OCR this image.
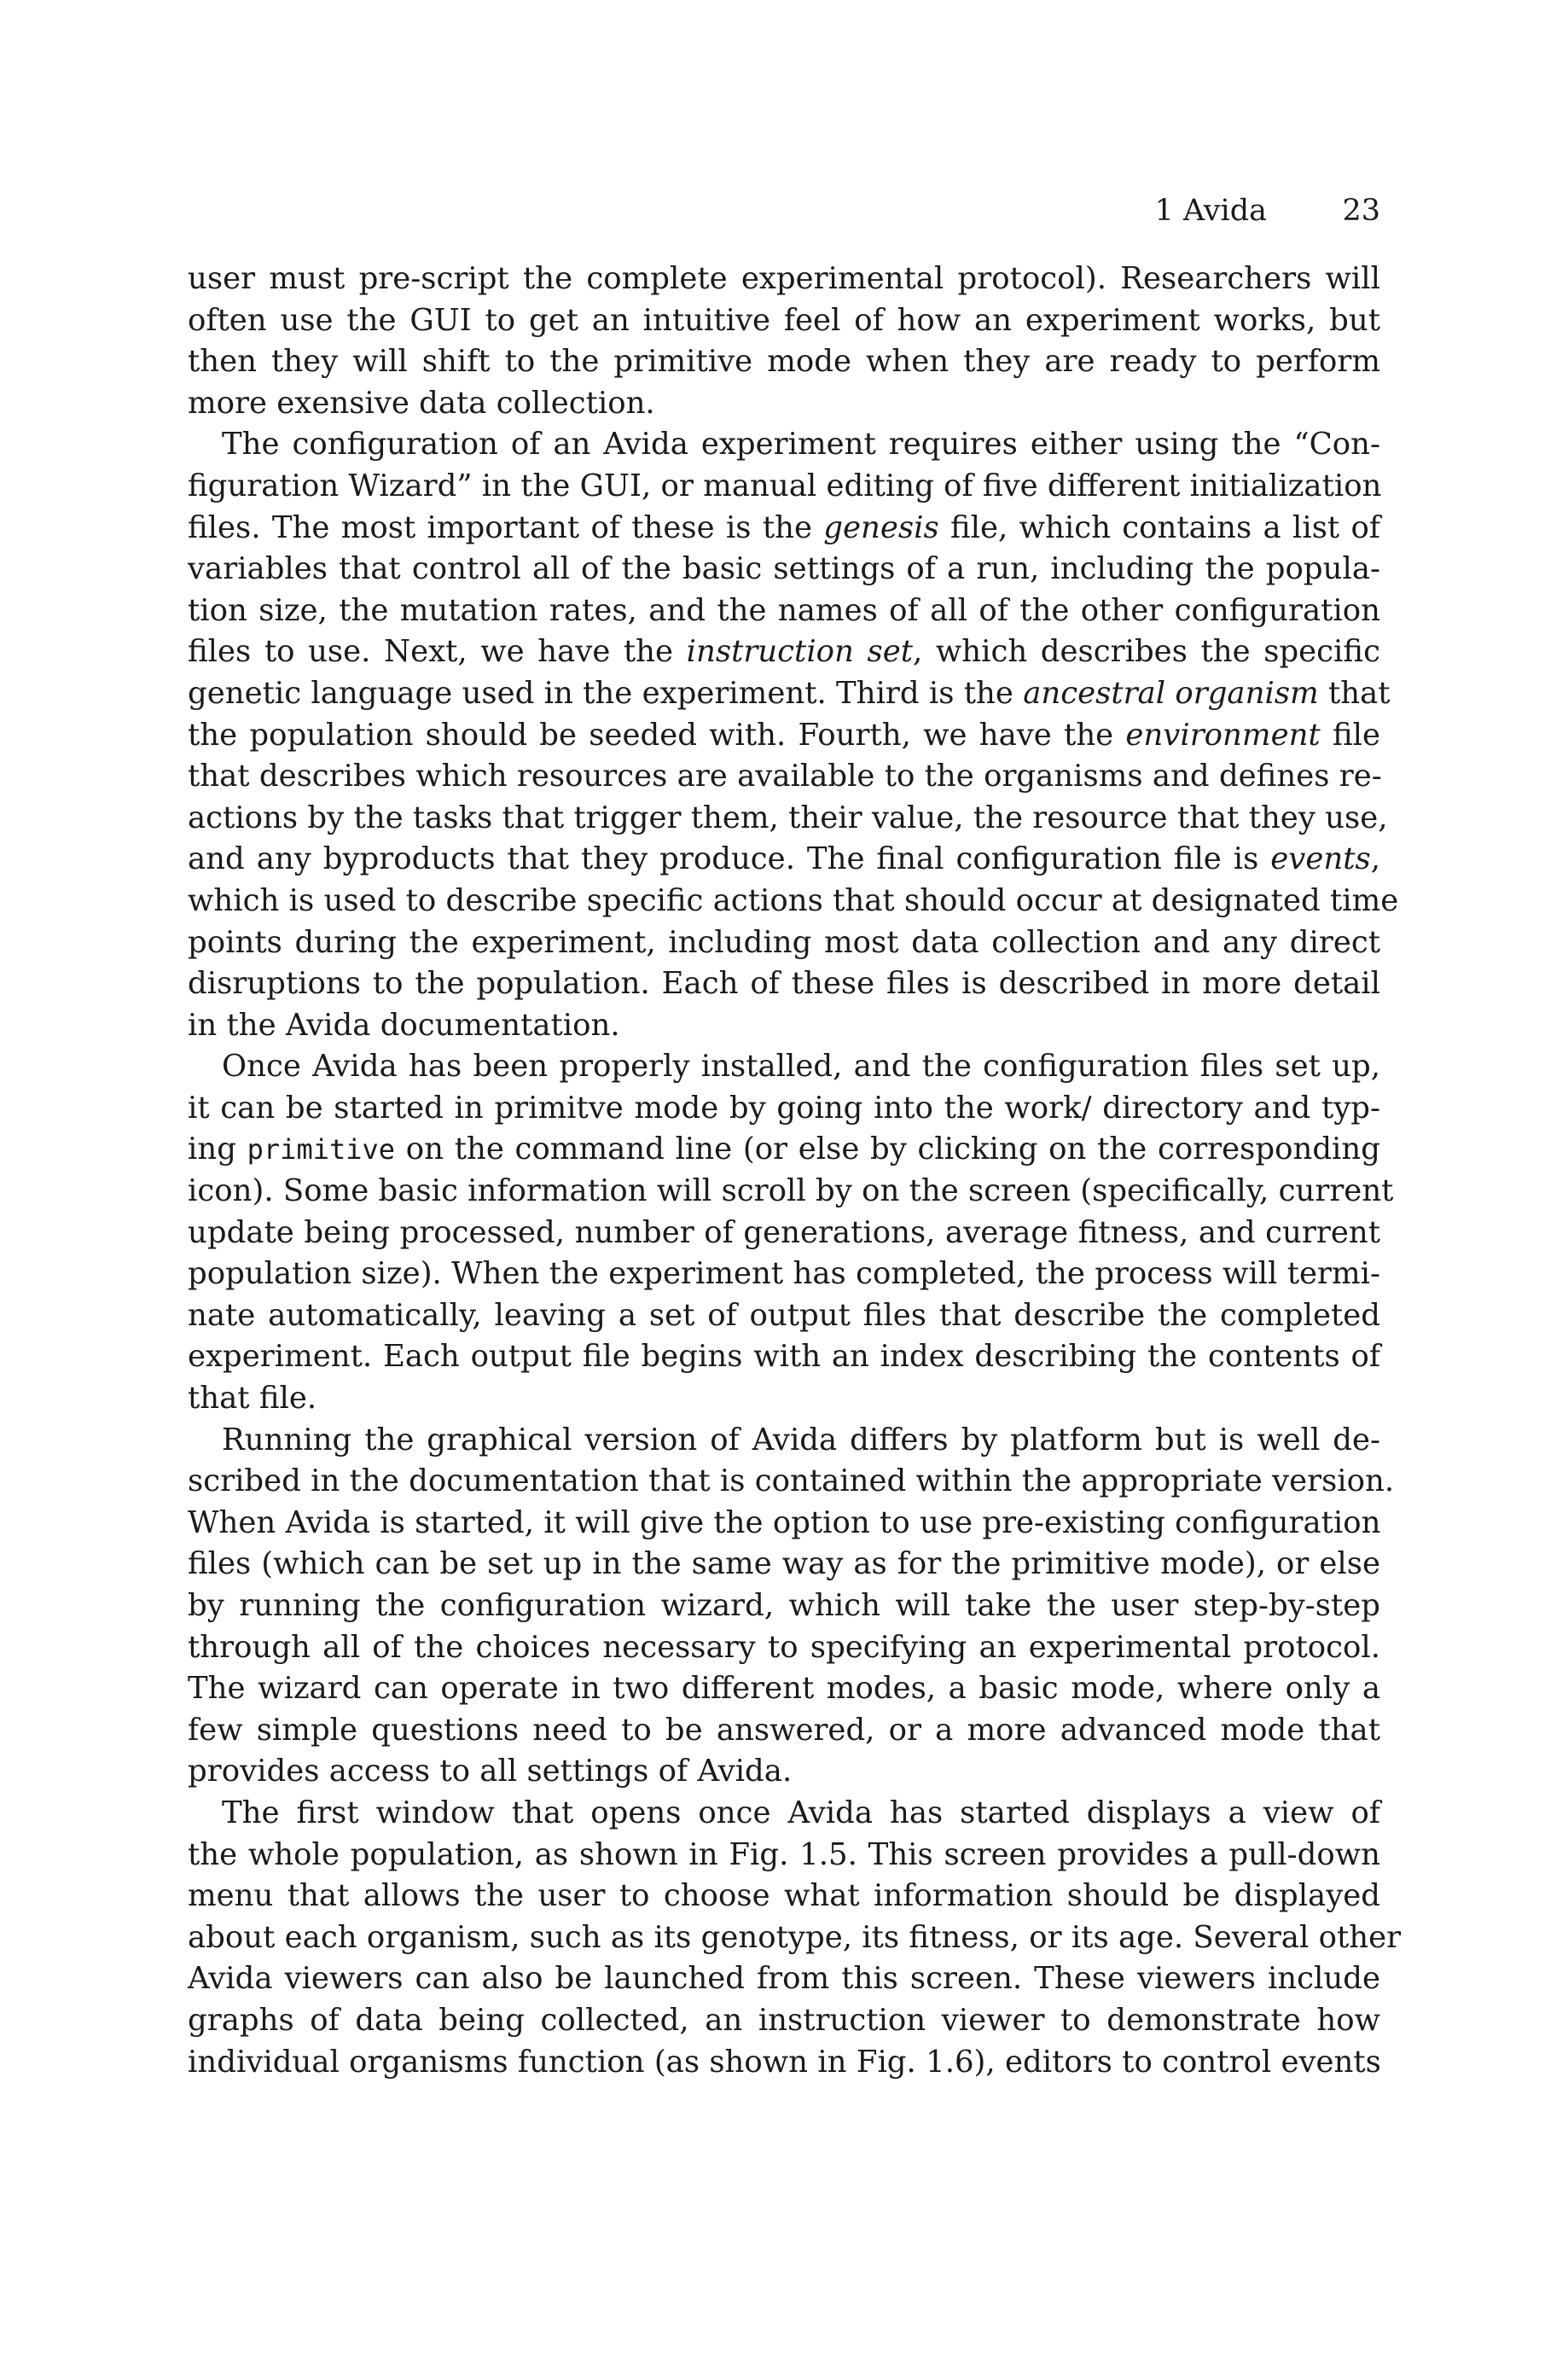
1 Avida	23
user must pre-script the complete experimental protocol). Researchers will
often use the GUI to get an intuitive feel of how an experiment works, but
then they will shift to the primitive mode when they are ready to perform
more exensive data collection.
The configuration of an Avida experiment requires either using the “Con-
figuration Wizard” in the GUI, or manual editing of five different initialization
files. The most important of these is the genesis file, which contains a list of
variables that control all of the basic settings of a run, including the popula-
tion size, the mutation rates, and the names of all of the other configuration
files to use. Next, we have the instruction set, which describes the specific
genetic language used in the experiment. Third is the ancestral organism that
the population should be seeded with. Fourth, we have the environment file
that describes which resources are available to the organisms and defines re-
actions by the tasks that trigger them, their value, the resource that they use,
and any byproducts that they produce. The final configuration file is events,
which is used to describe specific actions that should occur at designated time
points during the experiment, including most data collection and any direct
disruptions to the population. Each of these files is described in more detail
in the Avida documentation.
Once Avida has been properly installed, and the configuration files set up,
it can be started in primitve mode by going into the work/ directory and typ-
ing primitive on the command line (or else by clicking on the corresponding
icon). Some basic information will scroll by on the screen (specifically, current
update being processed, number of generations, average fitness, and current
population size). When the experiment has completed, the process will termi-
nate automatically, leaving a set of output files that describe the completed
experiment. Each output file begins with an index describing the contents of
that file.
Running the graphical version of Avida differs by platform but is well de-
scribed in the documentation that is contained within the appropriate version.
When Avida is started, it will give the option to use pre-existing configuration
files (which can be set up in the same way as for the primitive mode), or else
by running the configuration wizard, which will take the user step-by-step
through all of the choices necessary to specifying an experimental protocol.
The wizard can operate in two different modes, a basic mode, where only a
few simple questions need to be answered, or a more advanced mode that
provides access to all settings of Avida.
The first window that opens once Avida has started displays a view of
the whole population, as shown in Fig. 1.5. This screen provides a pull-down
menu that allows the user to choose what information should be displayed
about each organism, such as its genotype, its fitness, or its age. Several other
Avida viewers can also be launched from this screen. These viewers include
graphs of data being collected, an instruction viewer to demonstrate how
individual organisms function (as shown in Fig. 1.6), editors to control events
